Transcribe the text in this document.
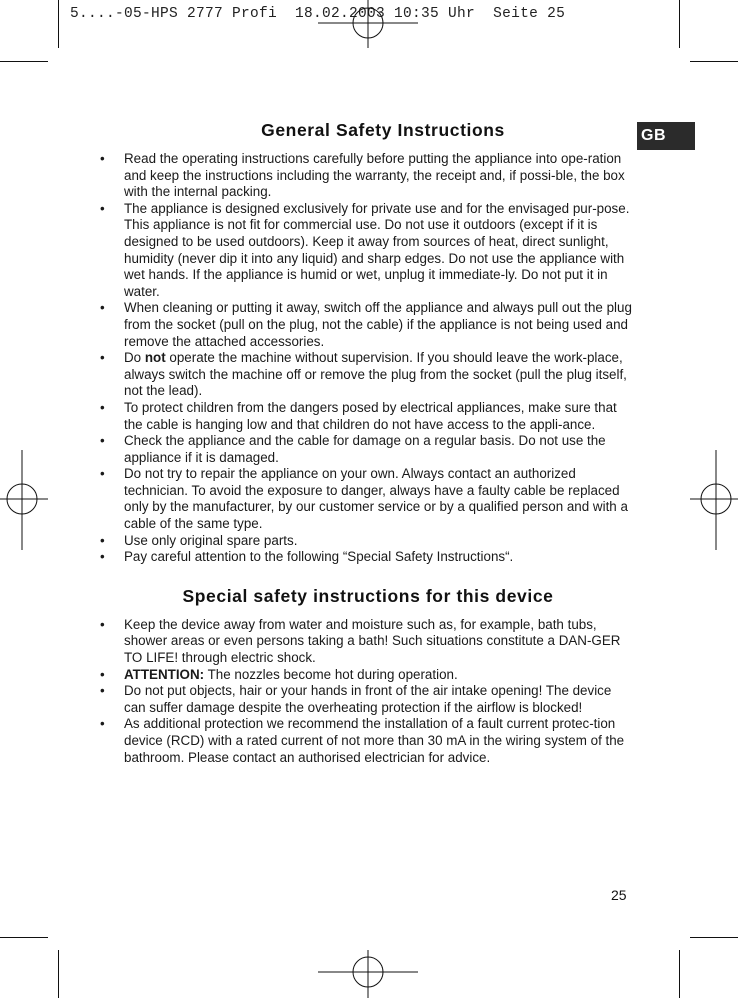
5....-05-HPS 2777 Profi  18.02.2003 10:35 Uhr  Seite 25
GB
General Safety Instructions
• Read the operating instructions carefully before putting the appliance into ope-ration and keep the instructions including the warranty, the receipt and, if possi-ble, the box with the internal packing.
• The appliance is designed exclusively for private use and for the envisaged pur-pose. This appliance is not fit for commercial use. Do not use it outdoors (except if it is designed to be used outdoors). Keep it away from sources of heat, direct sunlight, humidity (never dip it into any liquid) and sharp edges. Do not use the appliance with wet hands. If the appliance is humid or wet, unplug it immediate-ly. Do not put it in water.
• When cleaning or putting it away, switch off the appliance and always pull out the plug from the socket (pull on the plug, not the cable) if the appliance is not being used and remove the attached accessories.
• Do not operate the machine without supervision. If you should leave the work-place, always switch the machine off or remove the plug from the socket (pull the plug itself, not the lead).
• To protect children from the dangers posed by electrical appliances, make sure that the cable is hanging low and that children do not have access to the appli-ance.
• Check the appliance and the cable for damage on a regular basis. Do not use the appliance if it is damaged.
• Do not try to repair the appliance on your own. Always contact an authorized technician. To avoid the exposure to danger, always have a faulty cable be replaced only by the manufacturer, by our customer service or by a qualified person and with a cable of the same type.
• Use only original spare parts.
• Pay careful attention to the following “Special Safety Instructions“.
Special safety instructions for this device
• Keep the device away from water and moisture such as, for example, bath tubs, shower areas or even persons taking a bath! Such situations constitute a DAN-GER TO LIFE! through electric shock.
• ATTENTION: The nozzles become hot during operation.
• Do not put objects, hair or your hands in front of the air intake opening! The device can suffer damage despite the overheating protection if the airflow is blocked!
• As additional protection we recommend the installation of a fault current protec-tion device (RCD) with a rated current of not more than 30 mA in the wiring system of the bathroom. Please contact an authorised electrician for advice.
25
